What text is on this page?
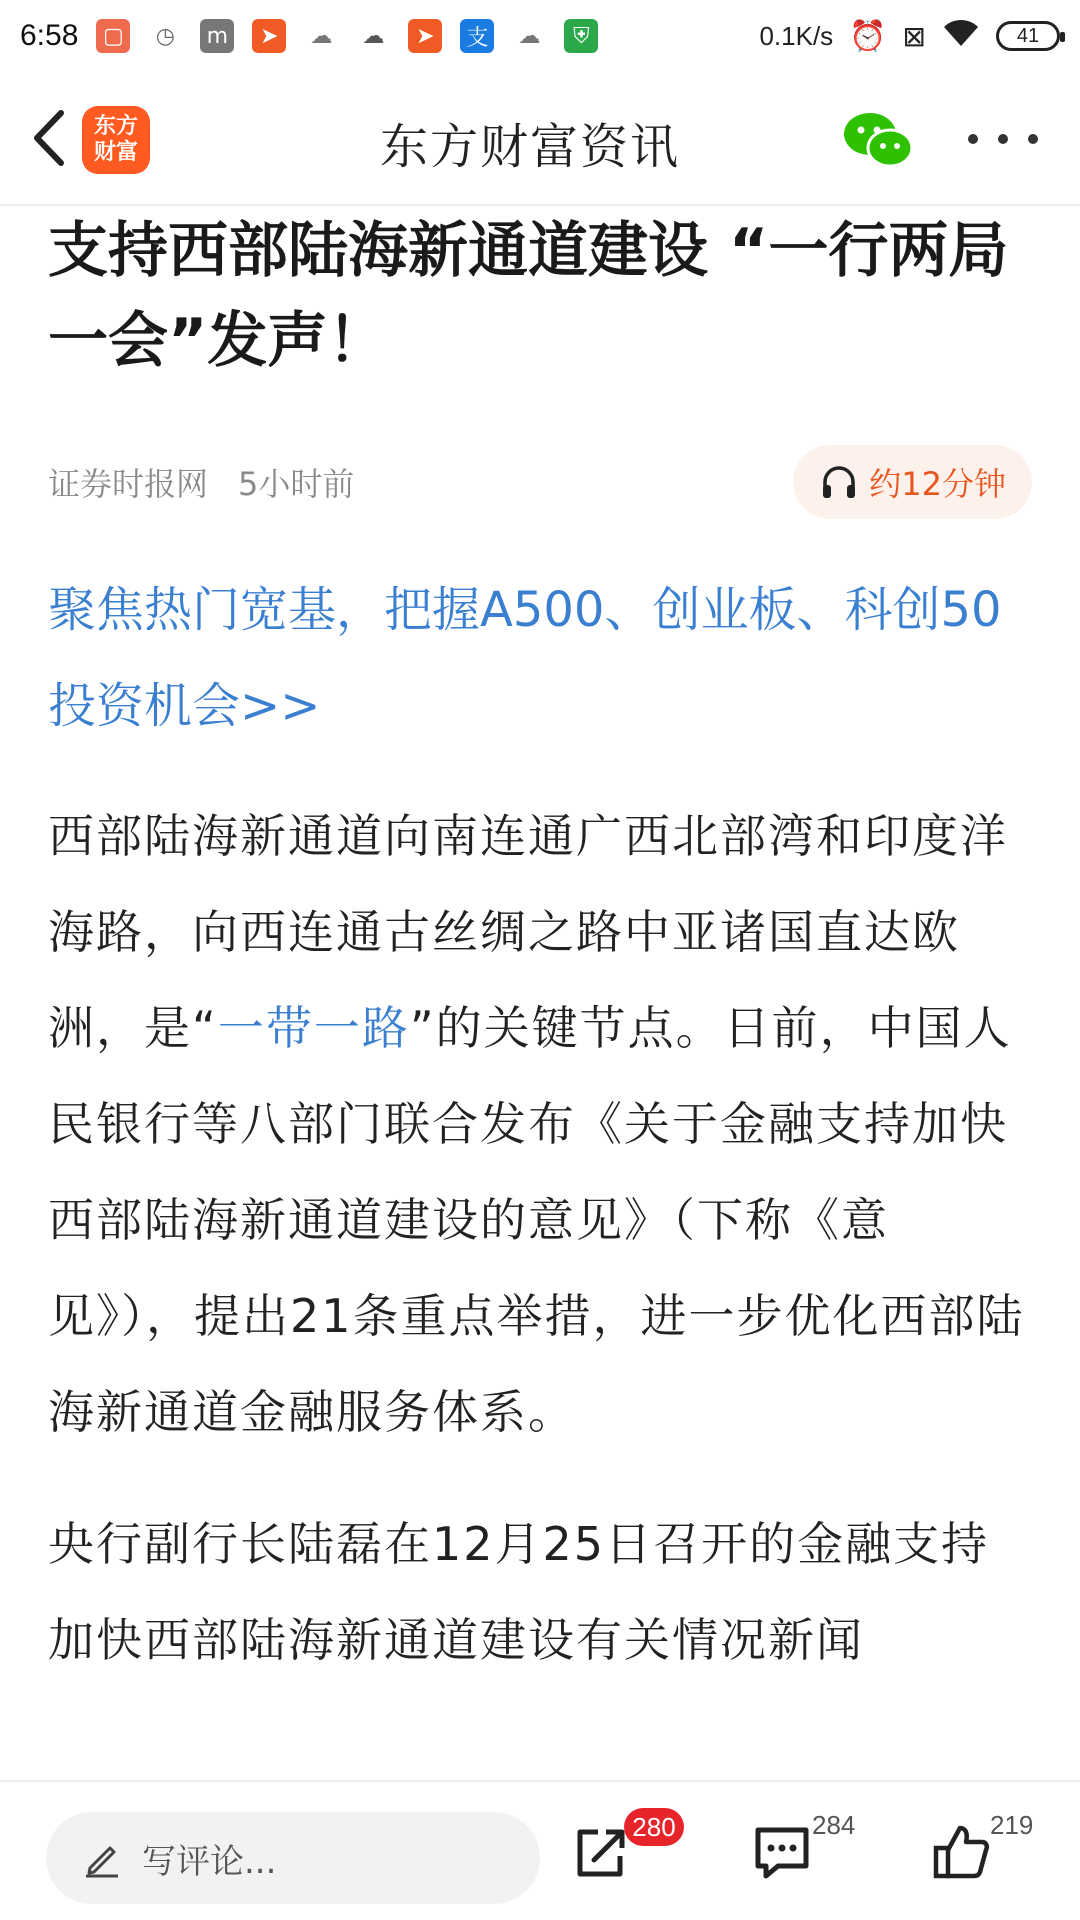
6:58 ▢	◷	m	➤	☁ ☁	➤	支 ☁	⛨	0.1K/s ⏰ ⊠	41
东方
财富	东方财富资讯
支持西部陆海新通道建设 “一行两局一会”发声！
证券时报网 5小时前	约12分钟
聚焦热门宽基，把握A500、创业板、科创50投资机会>>

西部陆海新通道向南连通广西北部湾和印度洋海路，向西连通古丝绸之路中亚诸国直达欧洲，是“一带一路”的关键节点。日前，中国人民银行等八部门联合发布《关于金融支持加快西部陆海新通道建设的意见》（下称《意见》），提出21条重点举措，进一步优化西部陆海新通道金融服务体系。

央行副行长陆磊在12月25日召开的金融支持加快西部陆海新通道建设有关情况新闻

写评论...
280	284	219
